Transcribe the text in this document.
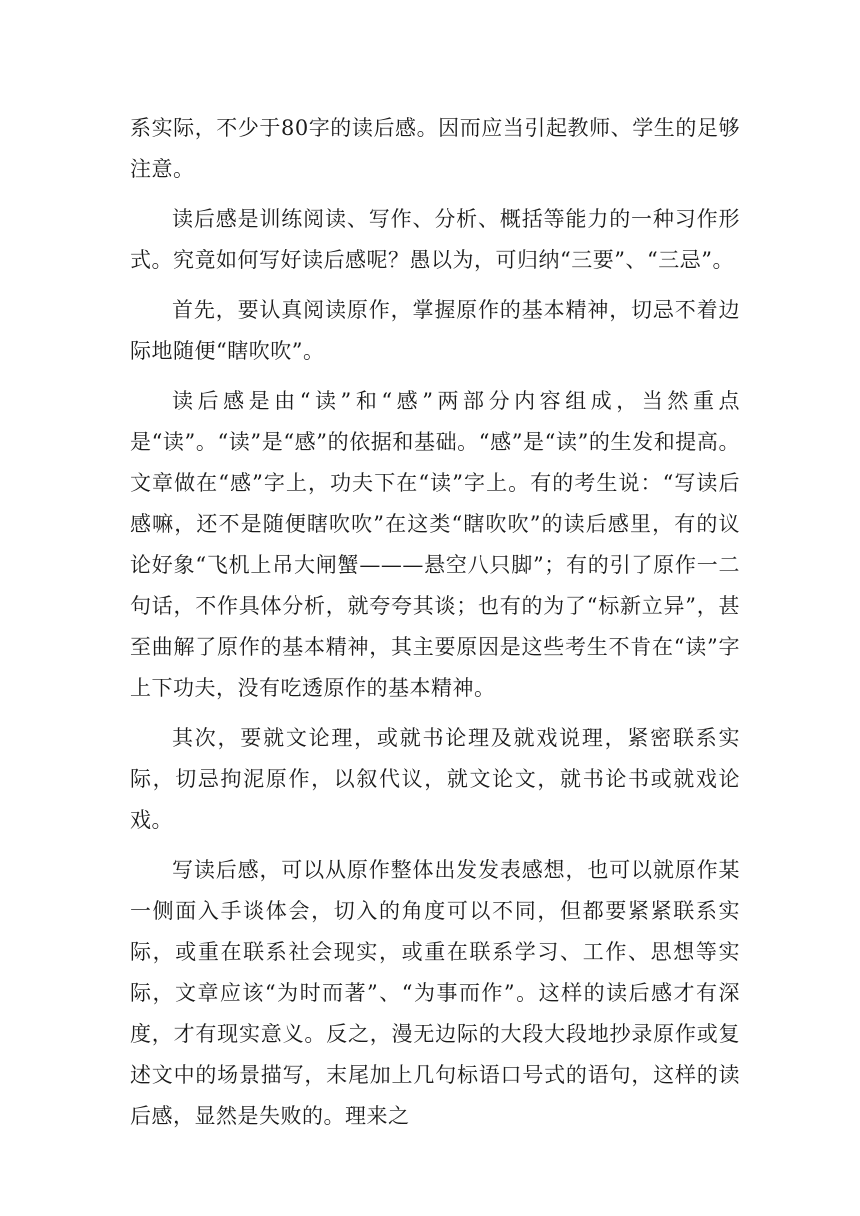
系实际，不少于80字的读后感。因而应当引起教师、学生的足够注意。

读后感是训练阅读、写作、分析、概括等能力的一种习作形式。究竟如何写好读后感呢？愚以为，可归纳“三要”、“三忌”。

首先，要认真阅读原作，掌握原作的基本精神，切忌不着边际地随便“瞎吹吹”。

读后感是由“读”和“感”两部分内容组成，当然重点是“读”。“读”是“感”的依据和基础。“感”是“读”的生发和提高。文章做在“感”字上，功夫下在“读”字上。有的考生说：“写读后感嘛，还不是随便瞎吹吹”在这类“瞎吹吹”的读后感里，有的议论好象“飞机上吊大闸蟹———悬空八只脚”；有的引了原作一二句话，不作具体分析，就夸夸其谈；也有的为了“标新立异”，甚至曲解了原作的基本精神，其主要原因是这些考生不肯在“读”字上下功夫，没有吃透原作的基本精神。

其次，要就文论理，或就书论理及就戏说理，紧密联系实际，切忌拘泥原作，以叙代议，就文论文，就书论书或就戏论戏。

写读后感，可以从原作整体出发发表感想，也可以就原作某一侧面入手谈体会，切入的角度可以不同，但都要紧紧联系实际，或重在联系社会现实，或重在联系学习、工作、思想等实际，文章应该“为时而著”、“为事而作”。这样的读后感才有深度，才有现实意义。反之，漫无边际的大段大段地抄录原作或复述文中的场景描写，末尾加上几句标语口号式的语句，这样的读后感，显然是失败的。理来之
